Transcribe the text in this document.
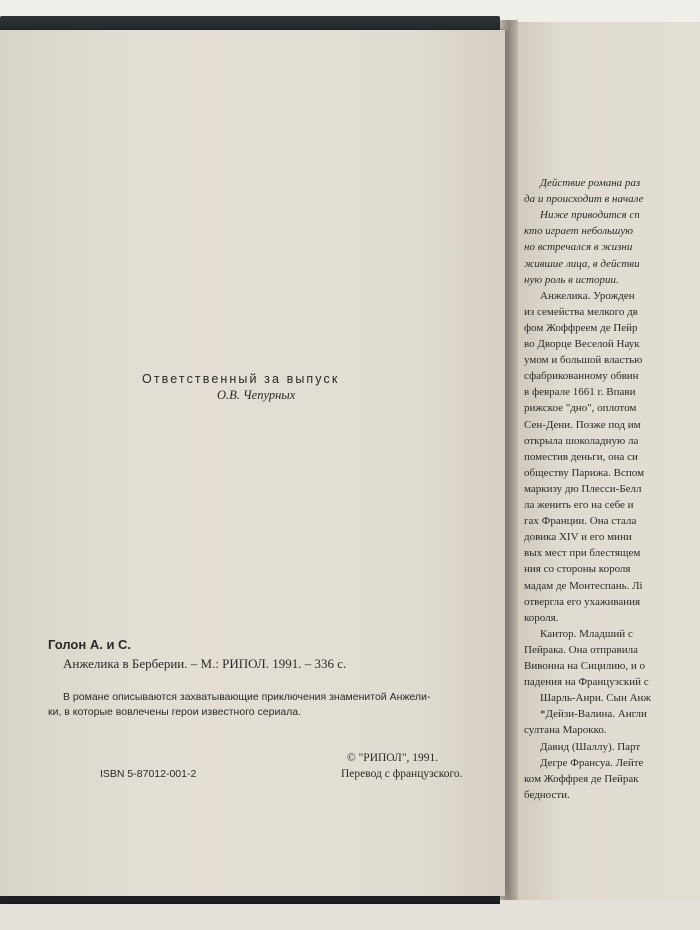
Действие романа раз
да и происходит в начале
Ниже приводится сп
кто играет небольшую
но встречался в жизни
жившие лица, в действи
ную роль в истории.
Анжелика. Урожден
из семейства мелкого дв
фом Жоффреем де Пейр
во Дворце Веселой Наук
умом и большой властью
сфабрикованному обвин
в феврале 1661 г. Впави
рижское "дно", оплотом
Сен-Дени. Позже под им
открыла шоколадную ла
поместив деньги, она си
обществу Парижа. Вспом
маркизу дю Плесси-Белл
ла женить его на себе и
гах Франции. Она стала
довика XIV и его мини
вых мест при блестящем
ния со стороны короля
мадам де Монтеспань. Лі
отвергла его ухаживания
короля.
Кантор. Младший с
Пейрака. Она отправила
Вивонна на Сицилию, и о
падения на Французский с
Шарль-Анри. Сын Анж
*Дейзи-Валина. Англи
султана Марокко.
Давид (Шаллу). Парт
Дегре Франсуа. Лейте
ком Жоффрея де Пейрак
бедности.
Ответственный за выпуск
О.В. Чепурных
Голон А. и С.
Анжелика в Берберии. – М.: РИПОЛ. 1991. – 336 с.
В романе описываются захватывающие приключения знаменитой Анжели-
ки, в которые вовлечены герои известного сериала.
© "РИПОЛ", 1991.
Перевод с французского.
ISBN 5-87012-001-2
